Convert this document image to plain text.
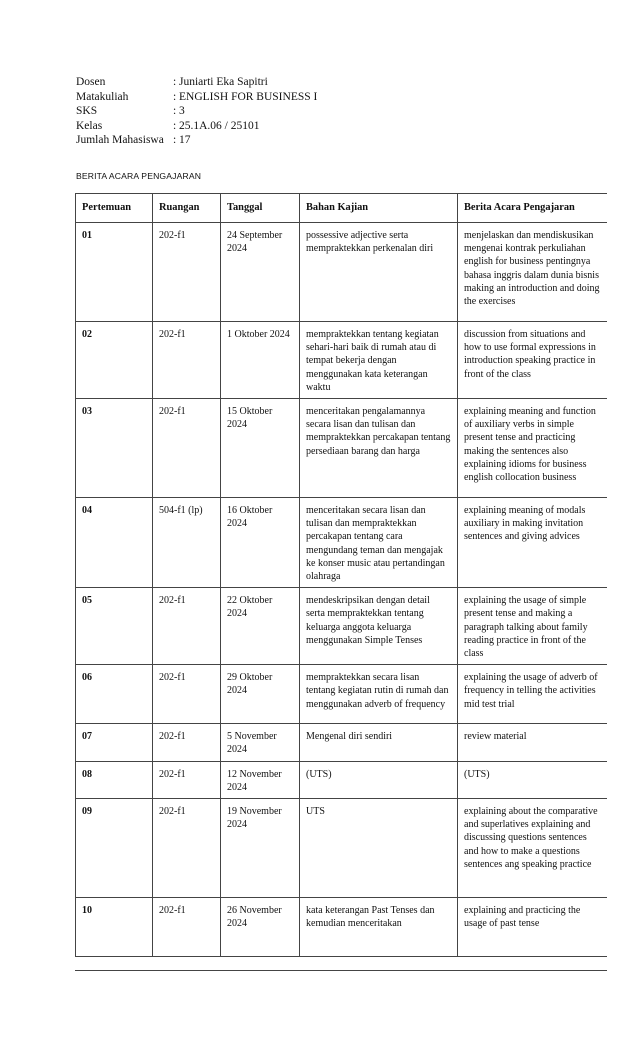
Dosen	: Juniarti Eka Sapitri
Matakuliah	: ENGLISH FOR BUSINESS I
SKS	: 3
Kelas	: 25.1A.06 / 25101
Jumlah Mahasiswa : 17
BERITA ACARA PENGAJARAN
Pertemuan	Ruangan	Tanggal	Bahan Kajian	Berita Acara Pengajaran
01	202-f1	24 September 2024	possessive adjective serta mempraktekkan perkenalan diri	menjelaskan dan mendiskusikan mengenai kontrak perkuliahan english for business pentingnya bahasa inggris dalam dunia bisnis making an introduction and doing the exercises
02	202-f1	1 Oktober 2024	mempraktekkan tentang kegiatan sehari-hari baik di rumah atau di tempat bekerja dengan menggunakan kata keterangan waktu	discussion from situations and how to use formal expressions in introduction speaking practice in front of the class
03	202-f1	15 Oktober 2024	menceritakan pengalamannya secara lisan dan tulisan dan mempraktekkan percakapan tentang persediaan barang dan harga	explaining meaning and function of auxiliary verbs in simple present tense and practicing making the sentences also explaining idioms for business english collocation business
04	504-f1 (lp)	16 Oktober 2024	menceritakan secara lisan dan tulisan dan mempraktekkan percakapan tentang cara mengundang teman dan mengajak ke konser music atau pertandingan olahraga	explaining meaning of modals auxiliary in making invitation sentences and giving advices
05	202-f1	22 Oktober 2024	mendeskripsikan dengan detail serta mempraktekkan tentang keluarga anggota keluarga menggunakan Simple Tenses	explaining the usage of simple present tense and making a paragraph talking about family reading practice in front of the class
06	202-f1	29 Oktober 2024	mempraktekkan secara lisan tentang kegiatan rutin di rumah dan menggunakan adverb of frequency	explaining the usage of adverb of frequency in telling the activities mid test trial
07	202-f1	5 November 2024	Mengenal diri sendiri	review material
08	202-f1	12 November 2024	(UTS)	(UTS)
09	202-f1	19 November 2024	UTS	explaining about the comparative and superlatives explaining and discussing questions sentences and how to make a questions sentences ang speaking practice
10	202-f1	26 November 2024	kata keterangan Past Tenses dan kemudian menceritakan	explaining and practicing the usage of past tense
